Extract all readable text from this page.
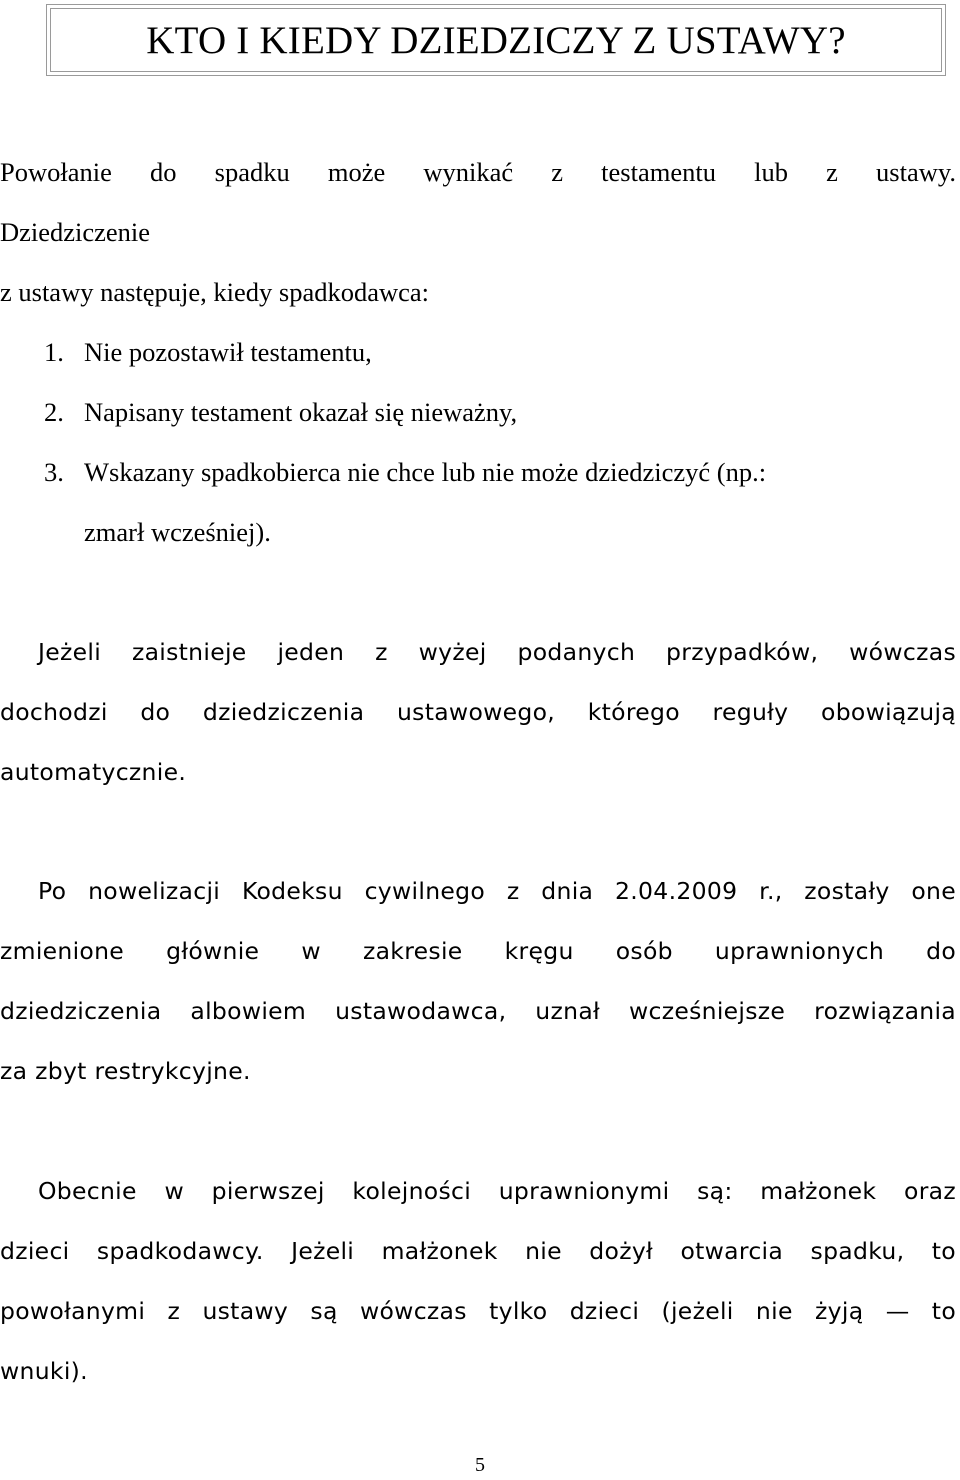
KTO I KIEDY DZIEDZICZY Z USTAWY?
Powołanie do spadku może wynikać z testamentu lub z ustawy.
Dziedziczenie
z ustawy następuje, kiedy spadkodawca:
1. Nie pozostawił testamentu,
2. Napisany testament okazał się nieważny,
3. Wskazany spadkobierca nie chce lub nie może dziedziczyć (np.:
zmarł wcześniej).
Jeżeli zaistnieje jeden z wyżej podanych przypadków, wówczas
dochodzi do dziedziczenia ustawowego, którego reguły obowiązują
automatycznie.
Po nowelizacji Kodeksu cywilnego z dnia 2.04.2009 r., zostały one
zmienione głównie w zakresie kręgu osób uprawnionych do
dziedziczenia albowiem ustawodawca, uznał wcześniejsze rozwiązania
za zbyt restrykcyjne.
Obecnie w pierwszej kolejności uprawnionymi są: małżonek oraz
dzieci spadkodawcy. Jeżeli małżonek nie dożył otwarcia spadku, to
powołanymi z ustawy są wówczas tylko dzieci (jeżeli nie żyją — to
wnuki).
5
